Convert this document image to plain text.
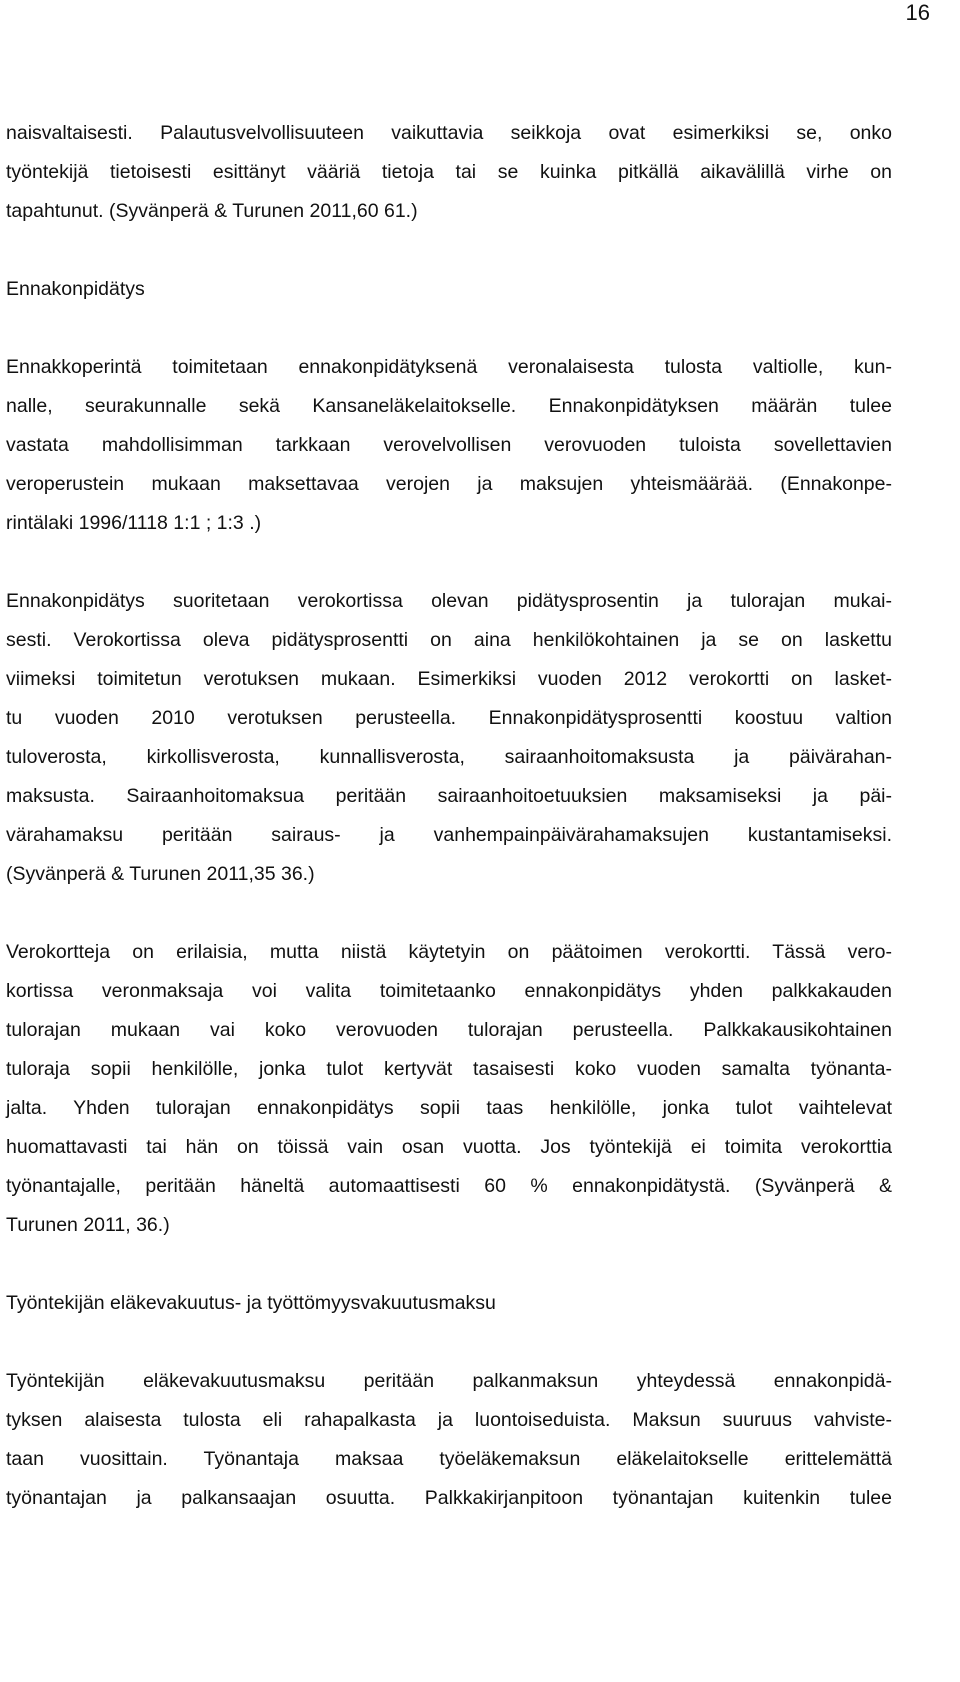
16
naisvaltaisesti. Palautusvelvollisuuteen vaikuttavia seikkoja ovat esimerkiksi se, onko
työntekijä tietoisesti esittänyt vääriä tietoja tai se kuinka pitkällä aikavälillä virhe on
tapahtunut. (Syvänperä & Turunen 2011,60 61.)
Ennakonpidätys
Ennakkoperintä toimitetaan ennakonpidätyksenä veronalaisesta tulosta valtiolle, kun-
nalle, seurakunnalle sekä Kansaneläkelaitokselle. Ennakonpidätyksen määrän tulee
vastata mahdollisimman tarkkaan verovelvollisen verovuoden tuloista sovellettavien
veroperustein mukaan maksettavaa verojen ja maksujen yhteismäärää. (Ennakonpe-
rintälaki 1996/1118 1:1 ; 1:3 .)
Ennakonpidätys suoritetaan verokortissa olevan pidätysprosentin ja tulorajan mukai-
sesti. Verokortissa oleva pidätysprosentti on aina henkilökohtainen ja se on laskettu
viimeksi toimitetun verotuksen mukaan. Esimerkiksi vuoden 2012 verokortti on lasket-
tu vuoden 2010 verotuksen perusteella. Ennakonpidätysprosentti koostuu valtion
tuloverosta, kirkollisverosta, kunnallisverosta, sairaanhoitomaksusta ja päivärahan-
maksusta. Sairaanhoitomaksua peritään sairaanhoitoetuuksien maksamiseksi ja päi-
värahamaksu peritään sairaus- ja vanhempainpäivärahamaksujen kustantamiseksi.
(Syvänperä & Turunen 2011,35 36.)
Verokortteja on erilaisia, mutta niistä käytetyin on päätoimen verokortti. Tässä vero-
kortissa veronmaksaja voi valita toimitetaanko ennakonpidätys yhden palkkakauden
tulorajan mukaan vai koko verovuoden tulorajan perusteella. Palkkakausikohtainen
tuloraja sopii henkilölle, jonka tulot kertyvät tasaisesti koko vuoden samalta työnanta-
jalta. Yhden tulorajan ennakonpidätys sopii taas henkilölle, jonka tulot vaihtelevat
huomattavasti tai hän on töissä vain osan vuotta. Jos työntekijä ei toimita verokorttia
työnantajalle, peritään häneltä automaattisesti 60 % ennakonpidätystä. (Syvänperä &
Turunen 2011, 36.)
Työntekijän eläkevakuutus- ja työttömyysvakuutusmaksu
Työntekijän eläkevakuutusmaksu peritään palkanmaksun yhteydessä ennakonpidä-
tyksen alaisesta tulosta eli rahapalkasta ja luontoiseduista. Maksun suuruus vahviste-
taan vuosittain. Työnantaja maksaa työeläkemaksun eläkelaitokselle erittelemättä
työnantajan ja palkansaajan osuutta. Palkkakirjanpitoon työnantajan kuitenkin tulee
